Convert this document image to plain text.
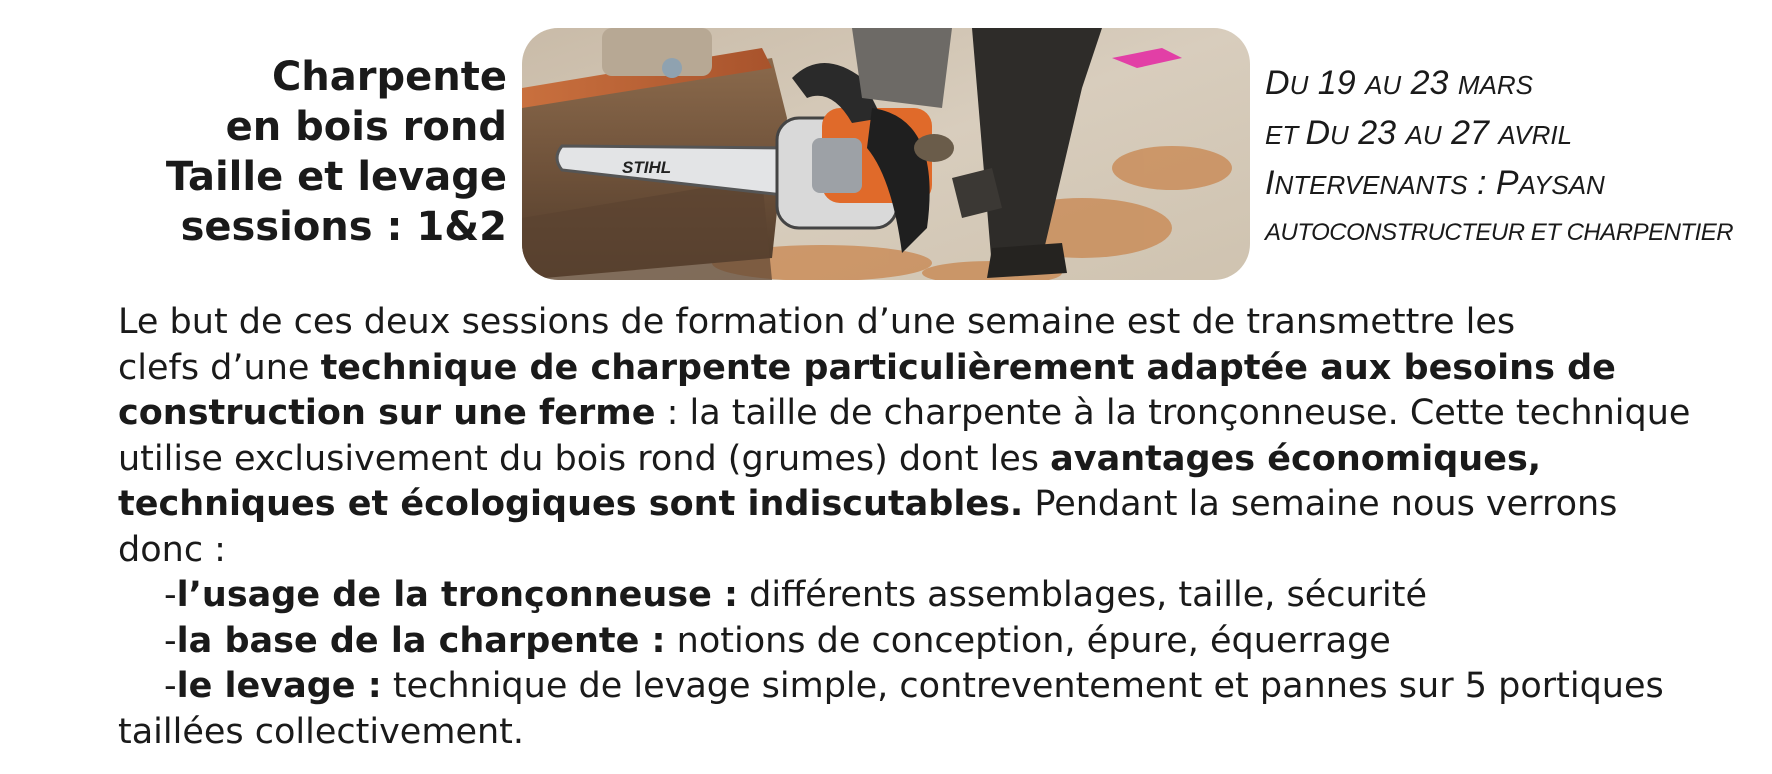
Charpente
en bois rond
Taille et levage
sessions : 1&2
STIHL
DU 19 AU 23 MARS
ET DU 23 AU 27 AVRIL
INTERVENANTS : PAYSAN
AUTOCONSTRUCTEUR ET CHARPENTIER
Le but de ces deux sessions de formation d’une semaine est de transmettre les
clefs d’une technique de charpente particulièrement adaptée aux besoins de
construction sur une ferme : la taille de charpente à la tronçonneuse. Cette technique
utilise exclusivement du bois rond (grumes) dont les avantages économiques,
techniques et écologiques sont indiscutables. Pendant la semaine nous verrons
donc :
-l’usage de la tronçonneuse : différents assemblages, taille, sécurité
-la base de la charpente : notions de conception, épure, équerrage
-le levage : technique de levage simple, contreventement et pannes sur 5 portiques
taillées collectivement.
